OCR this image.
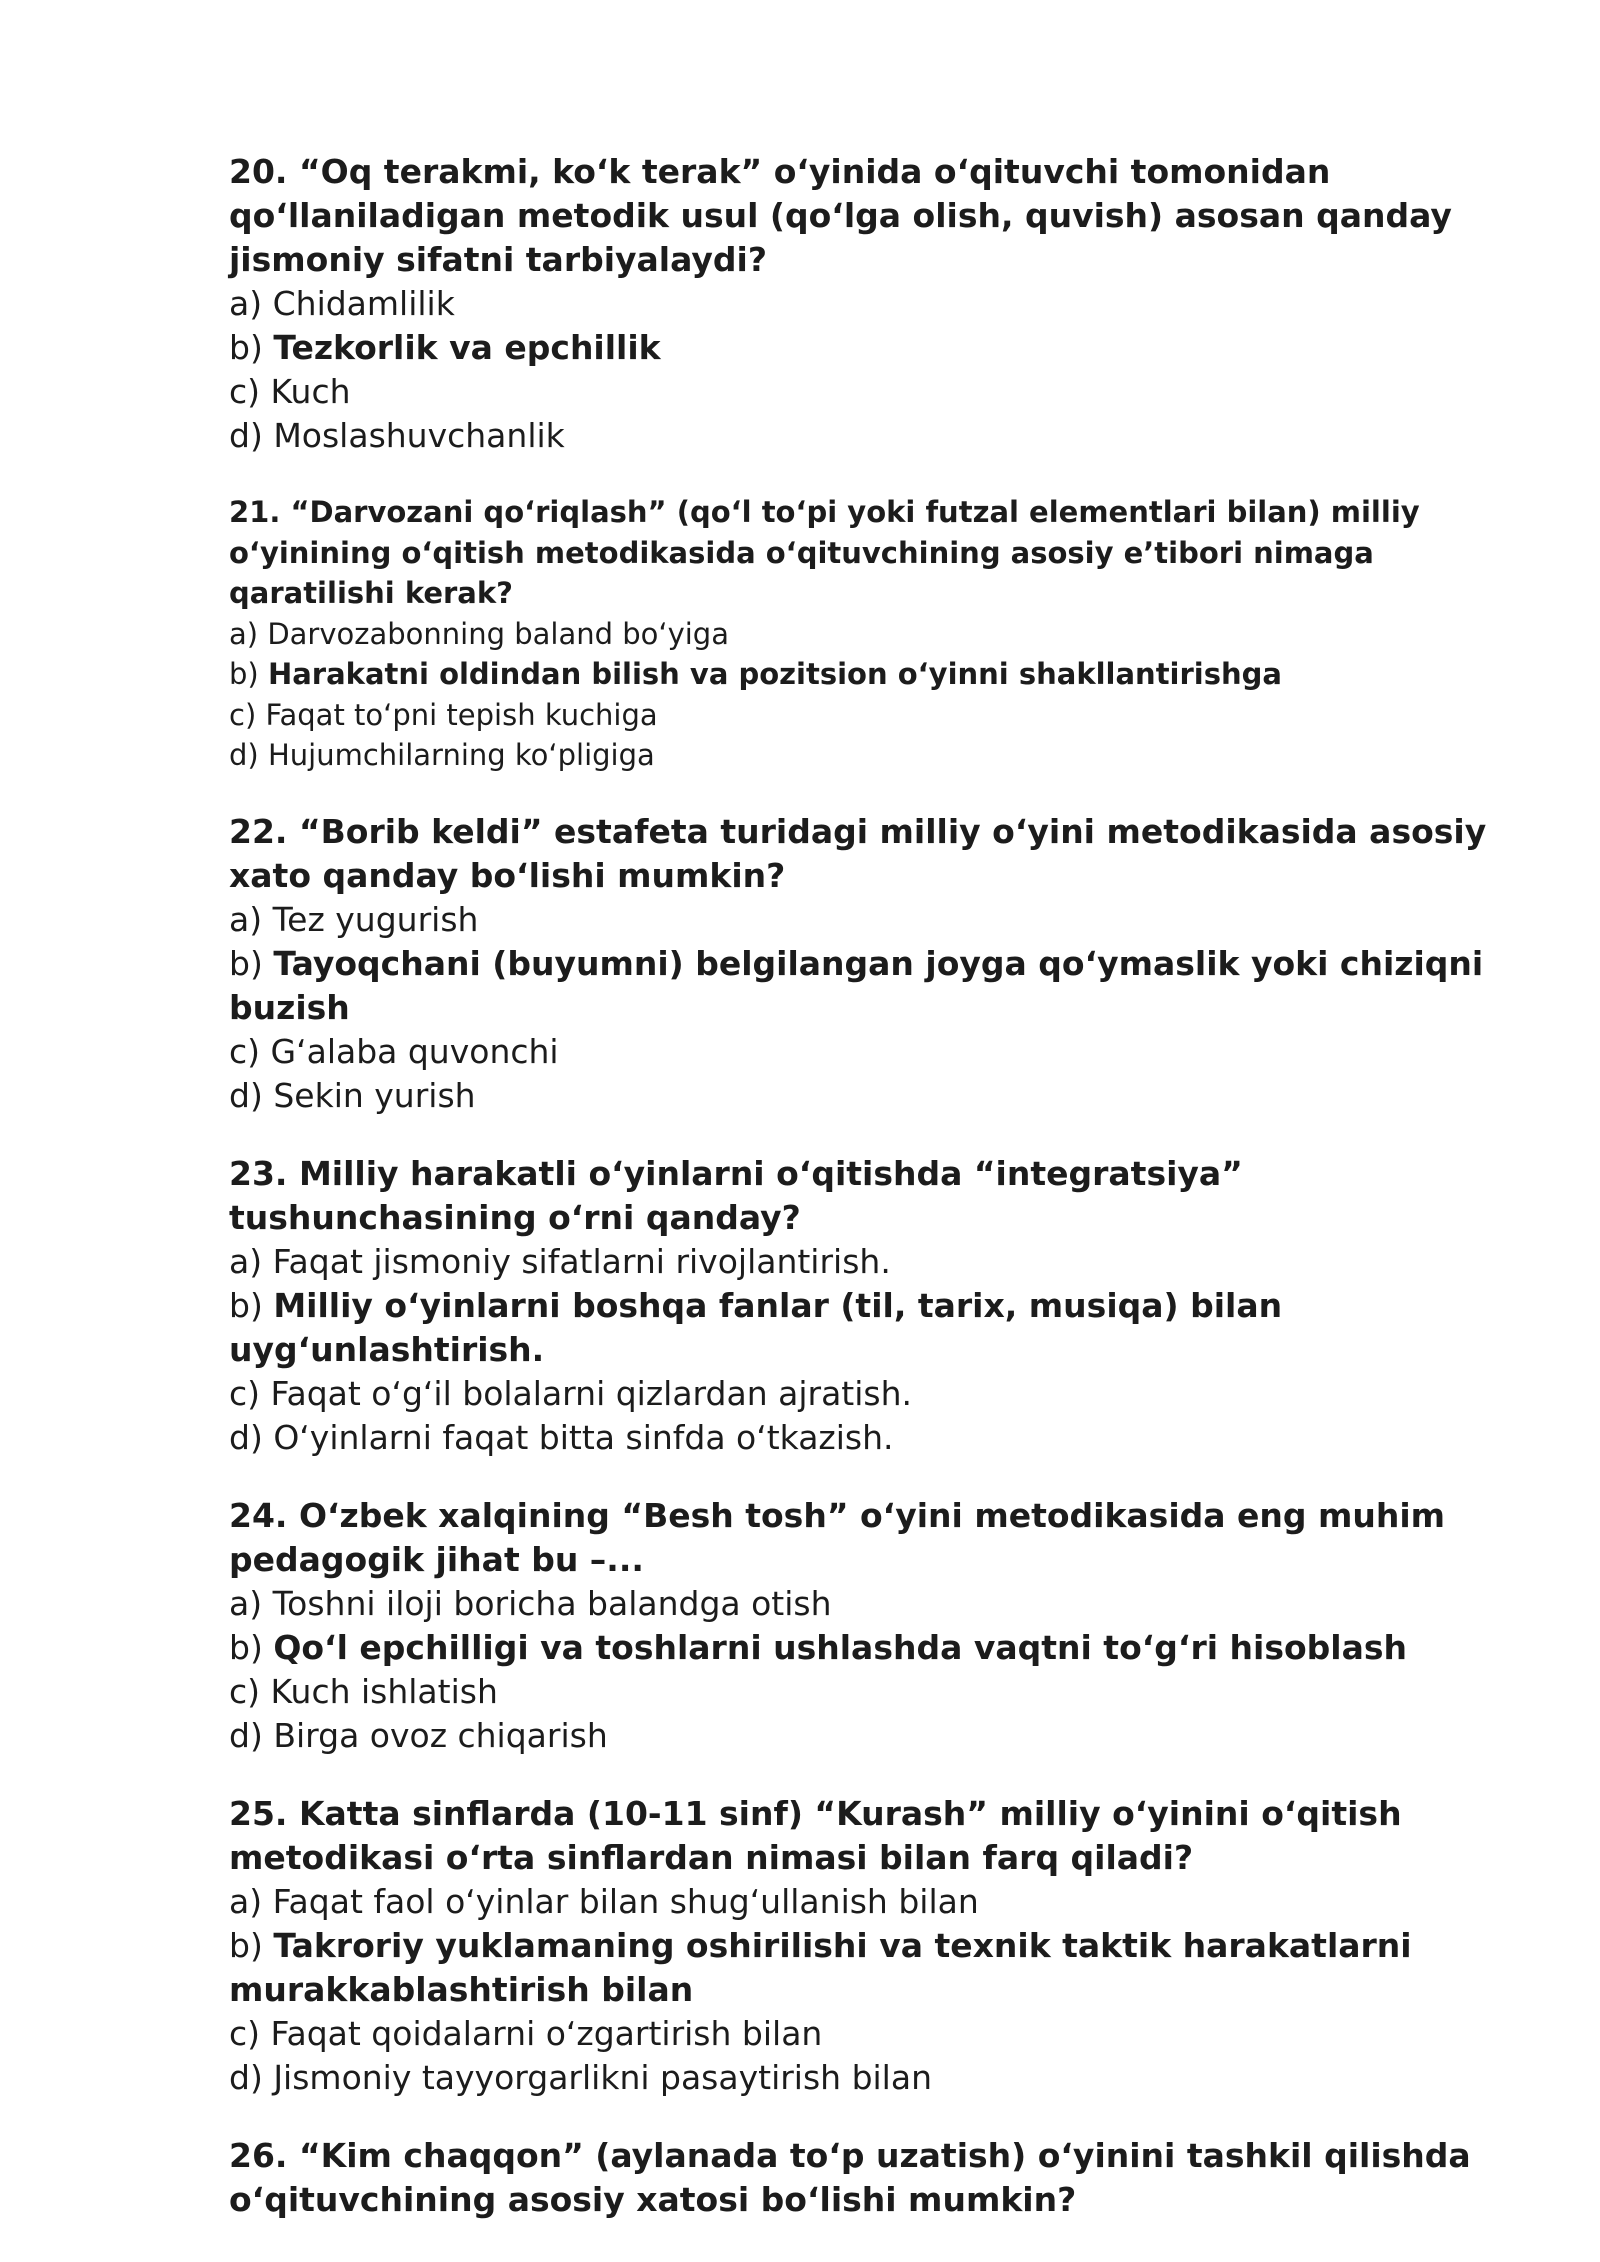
20. “Oq terakmi, ko‘k terak” o‘yinida o‘qituvchi tomonidan qo‘llaniladigan metodik usul (qo‘lga olish, quvish) asosan qanday jismoniy sifatni tarbiyalaydi?

a) Chidamlilik

b) Tezkorlik va epchillik

c) Kuch

d) Moslashuvchanlik

21. “Darvozani qo‘riqlash” (qo‘l to‘pi yoki futzal elementlari bilan) milliy o‘yinining o‘qitish metodikasida o‘qituvchining asosiy e’tibori nimaga qaratilishi kerak?

a) Darvozabonning baland bo‘yiga

b) Harakatni oldindan bilish va pozitsion o‘yinni shakllantirishga

c) Faqat to‘pni tepish kuchiga

d) Hujumchilarning ko‘pligiga

22. “Borib keldi” estafeta turidagi milliy o‘yini metodikasida asosiy xato qanday bo‘lishi mumkin?

a) Tez yugurish

b) Tayoqchani (buyumni) belgilangan joyga qo‘ymaslik yoki chiziqni buzish

c) G‘alaba quvonchi

d) Sekin yurish

23. Milliy harakatli o‘yinlarni o‘qitishda “integratsiya” tushunchasining o‘rni qanday?

a) Faqat jismoniy sifatlarni rivojlantirish.

b) Milliy o‘yinlarni boshqa fanlar (til, tarix, musiqa) bilan uyg‘unlashtirish.

c) Faqat o‘g‘il bolalarni qizlardan ajratish.

d) O‘yinlarni faqat bitta sinfda o‘tkazish.

24. O‘zbek xalqining “Besh tosh” o‘yini metodikasida eng muhim pedagogik jihat bu –...

a) Toshni iloji boricha balandga otish

b) Qo‘l epchilligi va toshlarni ushlashda vaqtni to‘g‘ri hisoblash

c) Kuch ishlatish

d) Birga ovoz chiqarish

25. Katta sinflarda (10-11 sinf) “Kurash” milliy o‘yinini o‘qitish metodikasi o‘rta sinflardan nimasi bilan farq qiladi?

a) Faqat faol o‘yinlar bilan shug‘ullanish bilan

b) Takroriy yuklamaning oshirilishi va texnik taktik harakatlarni murakkablashtirish bilan

c) Faqat qoidalarni o‘zgartirish bilan

d) Jismoniy tayyorgarlikni pasaytirish bilan

26. “Kim chaqqon” (aylanada to‘p uzatish) o‘yinini tashkil qilishda o‘qituvchining asosiy xatosi bo‘lishi mumkin?
